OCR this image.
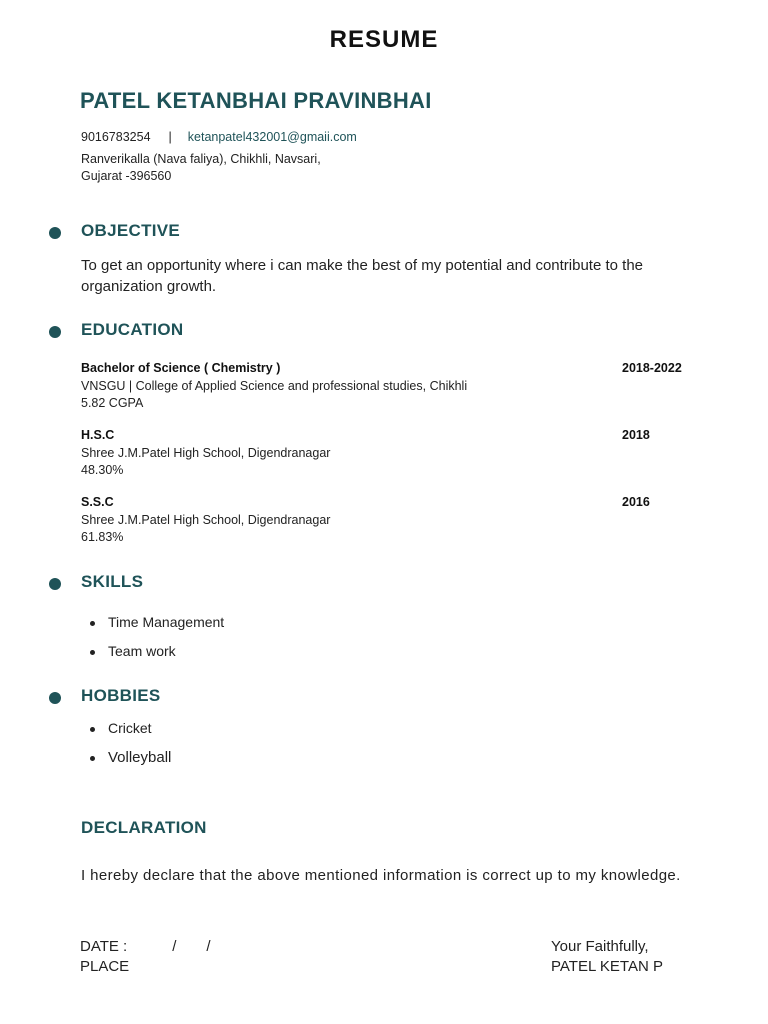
RESUME
PATEL KETANBHAI PRAVINBHAI
9016783254 | ketanpatel432001@gmaii.com
Ranverikalla (Nava faliya), Chikhli, Navsari,
Gujarat -396560
OBJECTIVE
To get an opportunity where i can make the best of my potential and contribute to the organization growth.
EDUCATION
Bachelor of Science ( Chemistry )	2018-2022
VNSGU | College of Applied Science and professional studies, Chikhli
5.82 CGPA
H.S.C	2018
Shree J.M.Patel High School, Digendranagar
48.30%
S.S.C	2016
Shree J.M.Patel High School, Digendranagar
61.83%
SKILLS
Time Management
Team work
HOBBIES
Cricket
Volleyball
DECLARATION
I hereby declare that the above mentioned information is correct up to my knowledge.
DATE :	/ /
PLACE
Your Faithfully,
PATEL KETAN P
